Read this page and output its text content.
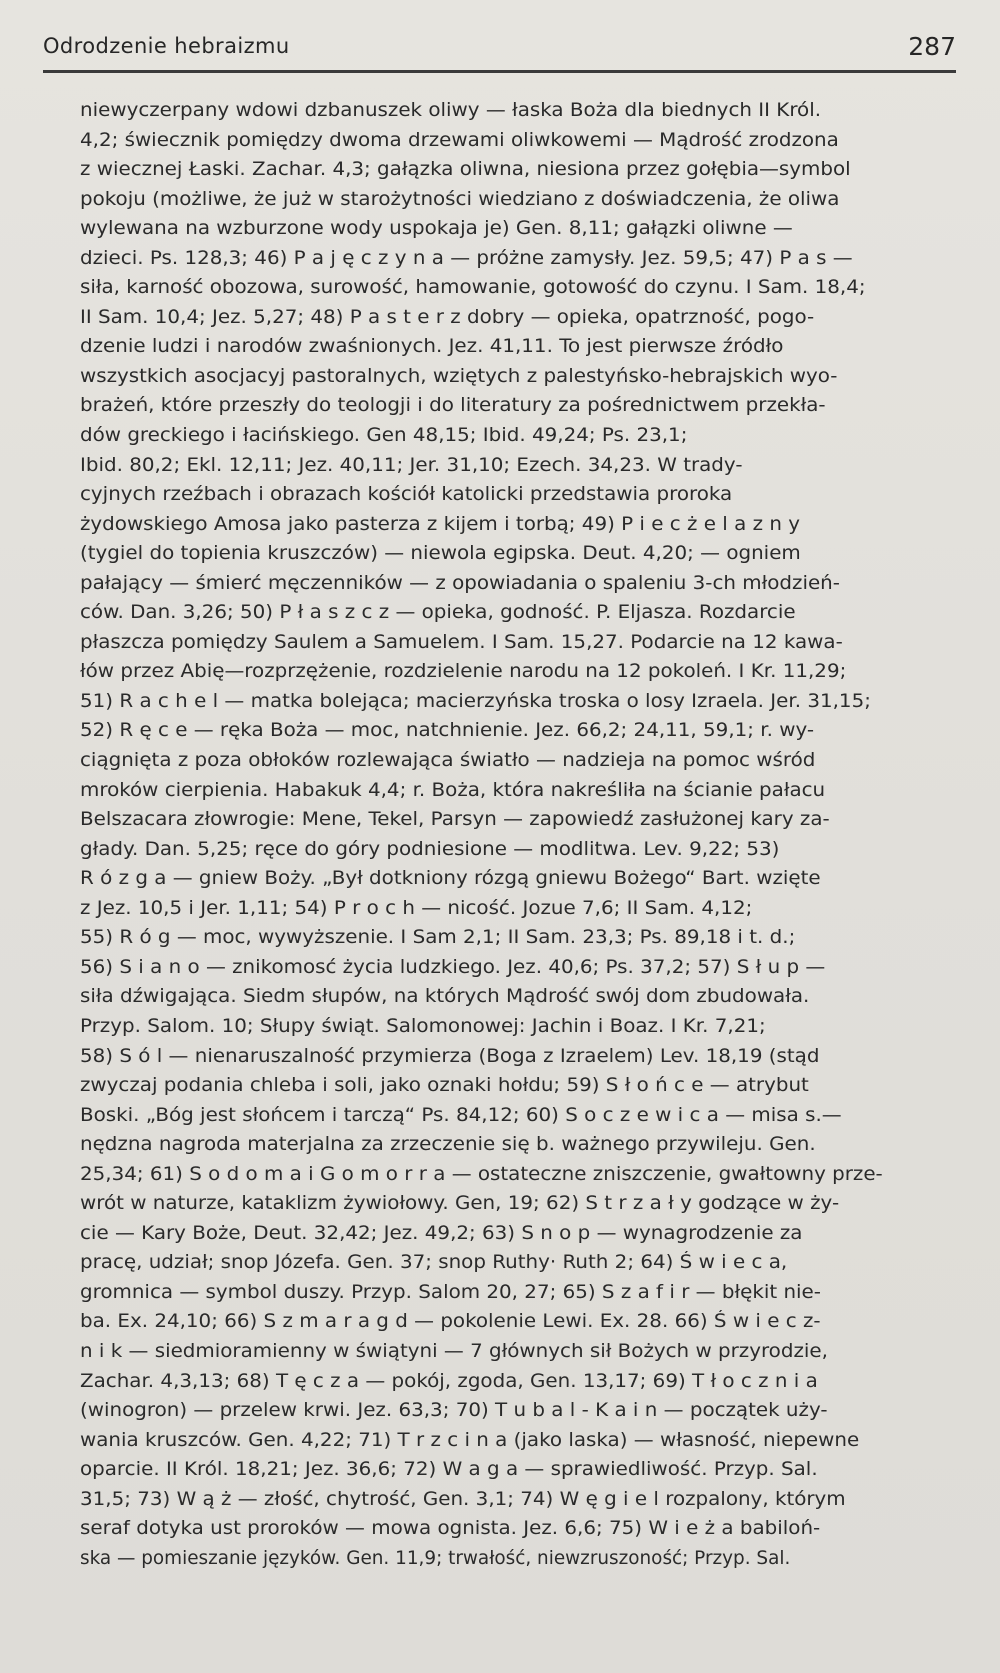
Odrodzenie hebraizmu	287
niewyczerpany wdowi dzbanuszek oliwy — łaska Boża dla biednych II Król.
4,2; świecznik pomiędzy dwoma drzewami oliwkowemi — Mądrość zrodzona
z wiecznej Łaski. Zachar. 4,3; gałązka oliwna, niesiona przez gołębia—symbol
pokoju (możliwe, że już w starożytności wiedziano z doświadczenia, że oliwa
wylewana na wzburzone wody uspokaja je) Gen. 8,11; gałązki oliwne —
dzieci. Ps. 128,3; 46) P a j ę c z y n a — próżne zamysły. Jez. 59,5; 47) P a s —
siła, karność obozowa, surowość, hamowanie, gotowość do czynu. I Sam. 18,4;
II Sam. 10,4; Jez. 5,27; 48) P a s t e r z dobry — opieka, opatrzność, pogo-
dzenie ludzi i narodów zwaśnionych. Jez. 41,11. To jest pierwsze źródło
wszystkich asocjacyj pastoralnych, wziętych z palestyńsko-hebrajskich wyo-
brażeń, które przeszły do teologji i do literatury za pośrednictwem przekła-
dów greckiego i łacińskiego. Gen 48,15; Ibid. 49,24; Ps. 23,1;
Ibid. 80,2; Ekl. 12,11; Jez. 40,11; Jer. 31,10; Ezech. 34,23. W trady-
cyjnych rzeźbach i obrazach kościół katolicki przedstawia proroka
żydowskiego Amosa jako pasterza z kijem i torbą; 49) P i e c ż e l a z n y
(tygiel do topienia kruszczów) — niewola egipska. Deut. 4,20; — ogniem
pałający — śmierć męczenników — z opowiadania o spaleniu 3-ch młodzień-
ców. Dan. 3,26; 50) P ł a s z c z — opieka, godność. P. Eljasza. Rozdarcie
płaszcza pomiędzy Saulem a Samuelem. I Sam. 15,27. Podarcie na 12 kawa-
łów przez Abię—rozprzężenie, rozdzielenie narodu na 12 pokoleń. I Kr. 11,29;
51) R a c h e l — matka bolejąca; macierzyńska troska o losy Izraela. Jer. 31,15;
52) R ę c e — ręka Boża — moc, natchnienie. Jez. 66,2; 24,11, 59,1; r. wy-
ciągnięta z poza obłoków rozlewająca światło — nadzieja na pomoc wśród
mroków cierpienia. Habakuk 4,4; r. Boża, która nakreśliła na ścianie pałacu
Belszacara złowrogie: Mene, Tekel, Parsyn — zapowiedź zasłużonej kary za-
głady. Dan. 5,25; ręce do góry podniesione — modlitwa. Lev. 9,22; 53)
R ó z g a — gniew Boży. „Był dotkniony rózgą gniewu Bożego“ Bart. wzięte
z Jez. 10,5 i Jer. 1,11; 54) P r o c h — nicość. Jozue 7,6; II Sam. 4,12;
55) R ó g — moc, wywyższenie. I Sam 2,1; II Sam. 23,3; Ps. 89,18 i t. d.;
56) S i a n o — znikomosć życia ludzkiego. Jez. 40,6; Ps. 37,2; 57) S ł u p —
siła dźwigająca. Siedm słupów, na których Mądrość swój dom zbudowała.
Przyp. Salom. 10; Słupy świąt. Salomonowej: Jachin i Boaz. I Kr. 7,21;
58) S ó l — nienaruszalność przymierza (Boga z Izraelem) Lev. 18,19 (stąd
zwyczaj podania chleba i soli, jako oznaki hołdu; 59) S ł o ń c e — atrybut
Boski. „Bóg jest słońcem i tarczą“ Ps. 84,12; 60) S o c z e w i c a — misa s.—
nędzna nagroda materjalna za zrzeczenie się b. ważnego przywileju. Gen.
25,34; 61) S o d o m a i G o m o r r a — ostateczne zniszczenie, gwałtowny prze-
wrót w naturze, kataklizm żywiołowy. Gen, 19; 62) S t r z a ł y godzące w ży-
cie — Kary Boże, Deut. 32,42; Jez. 49,2; 63) S n o p — wynagrodzenie za
pracę, udział; snop Józefa. Gen. 37; snop Ruthy· Ruth 2; 64) Ś w i e c a,
gromnica — symbol duszy. Przyp. Salom 20, 27; 65) S z a f i r — błękit nie-
ba. Ex. 24,10; 66) S z m a r a g d — pokolenie Lewi. Ex. 28. 66) Ś w i e c z-
n i k — siedmioramienny w świątyni — 7 głównych sił Bożych w przyrodzie,
Zachar. 4,3,13; 68) T ę c z a — pokój, zgoda, Gen. 13,17; 69) T ł o c z n i a
(winogron) — przelew krwi. Jez. 63,3; 70) T u b a l - K a i n — początek uży-
wania kruszców. Gen. 4,22; 71) T r z c i n a (jako laska) — własność, niepewne
oparcie. II Król. 18,21; Jez. 36,6; 72) W a g a — sprawiedliwość. Przyp. Sal.
31,5; 73) W ą ż — złość, chytrość, Gen. 3,1; 74) W ę g i e l rozpalony, którym
seraf dotyka ust proroków — mowa ognista. Jez. 6,6; 75) W i e ż a babiloń-
ska — pomieszanie języków. Gen. 11,9; trwałość, niewzruszoność; Przyp. Sal.
